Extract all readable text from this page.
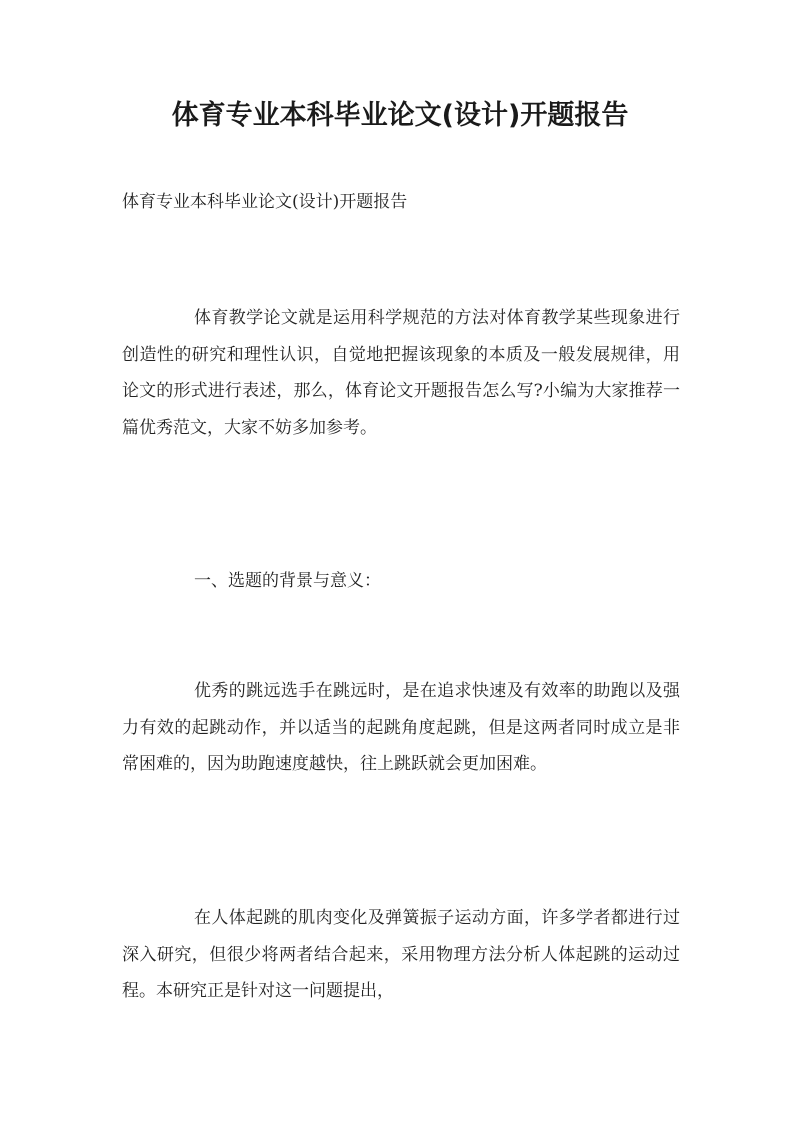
体育专业本科毕业论文(设计)开题报告

体育专业本科毕业论文(设计)开题报告

体育教学论文就是运用科学规范的方法对体育教学某些现象进行创造性的研究和理性认识，自觉地把握该现象的本质及一般发展规律，用论文的形式进行表述，那么，体育论文开题报告怎么写?小编为大家推荐一篇优秀范文，大家不妨多加参考。

一、选题的背景与意义：

优秀的跳远选手在跳远时，是在追求快速及有效率的助跑以及强力有效的起跳动作，并以适当的起跳角度起跳，但是这两者同时成立是非常困难的，因为助跑速度越快，往上跳跃就会更加困难。

在人体起跳的肌肉变化及弹簧振子运动方面，许多学者都进行过深入研究，但很少将两者结合起来，采用物理方法分析人体起跳的运动过程。本研究正是针对这一问题提出，
